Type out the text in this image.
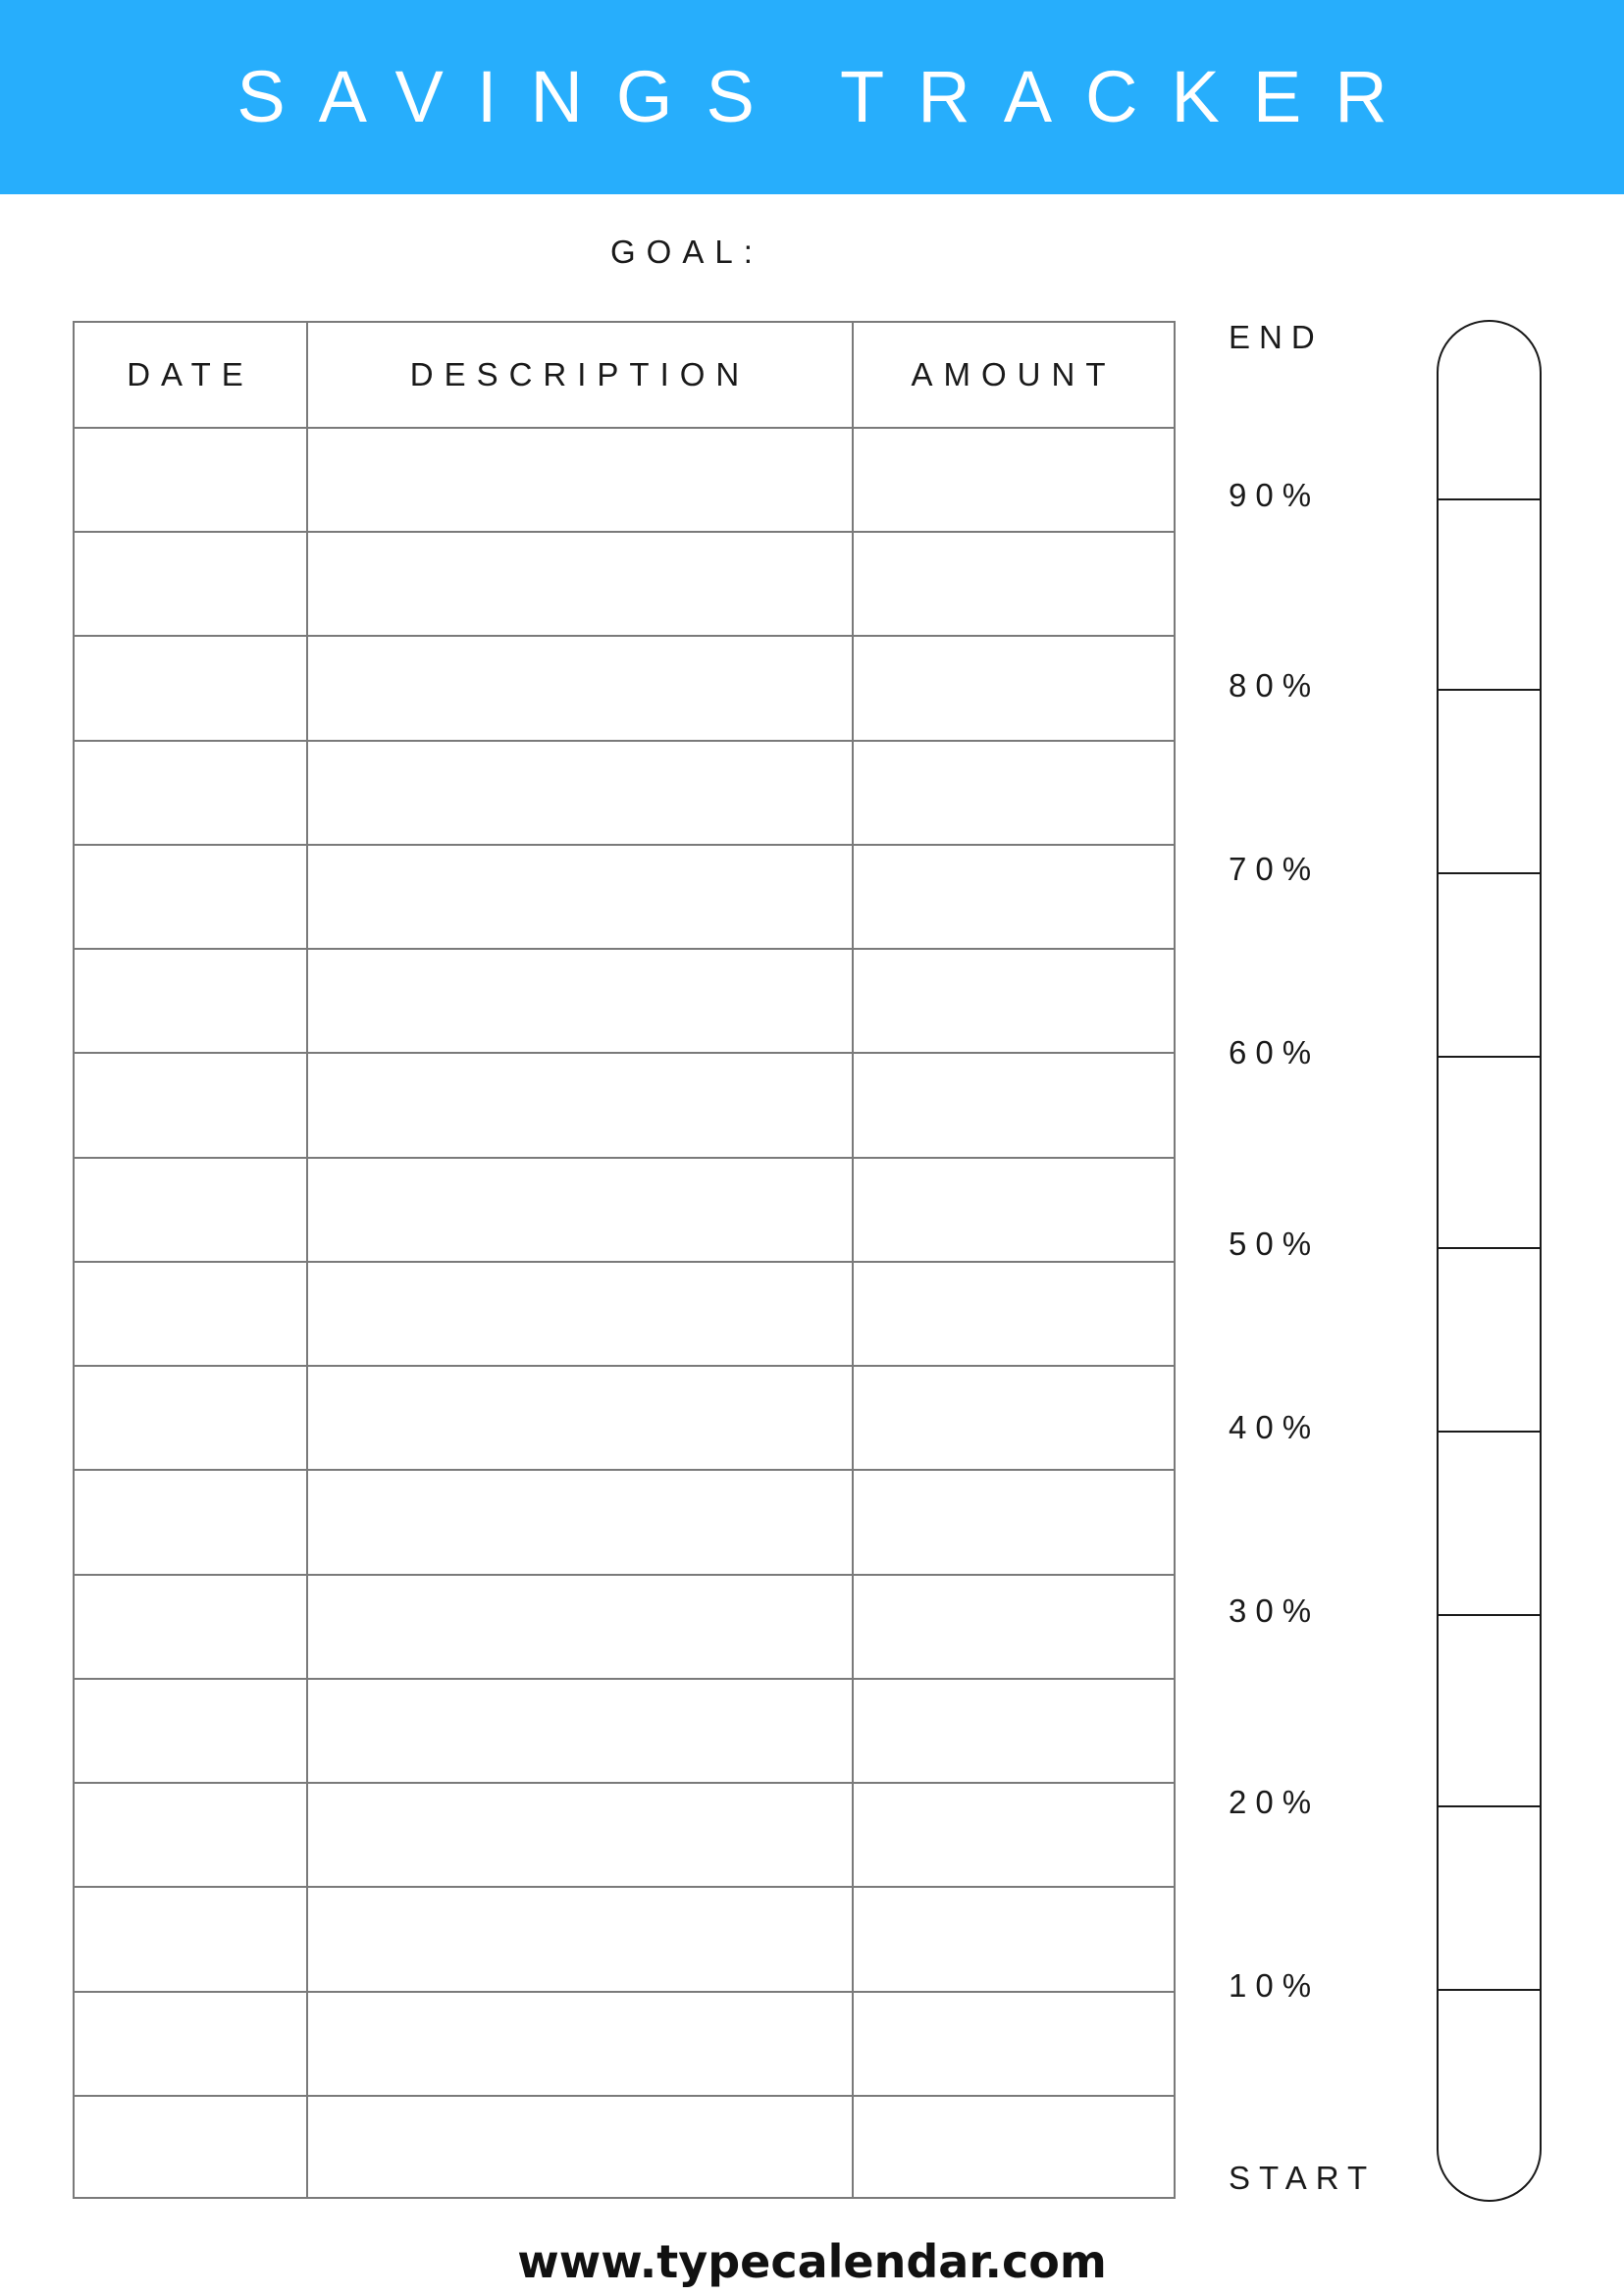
SAVINGS TRACKER
GOAL:
DATE	DESCRIPTION	AMOUNT
END
90%
80%
70%
60%
50%
40%
30%
20%
10%
START
www.typecalendar.com
